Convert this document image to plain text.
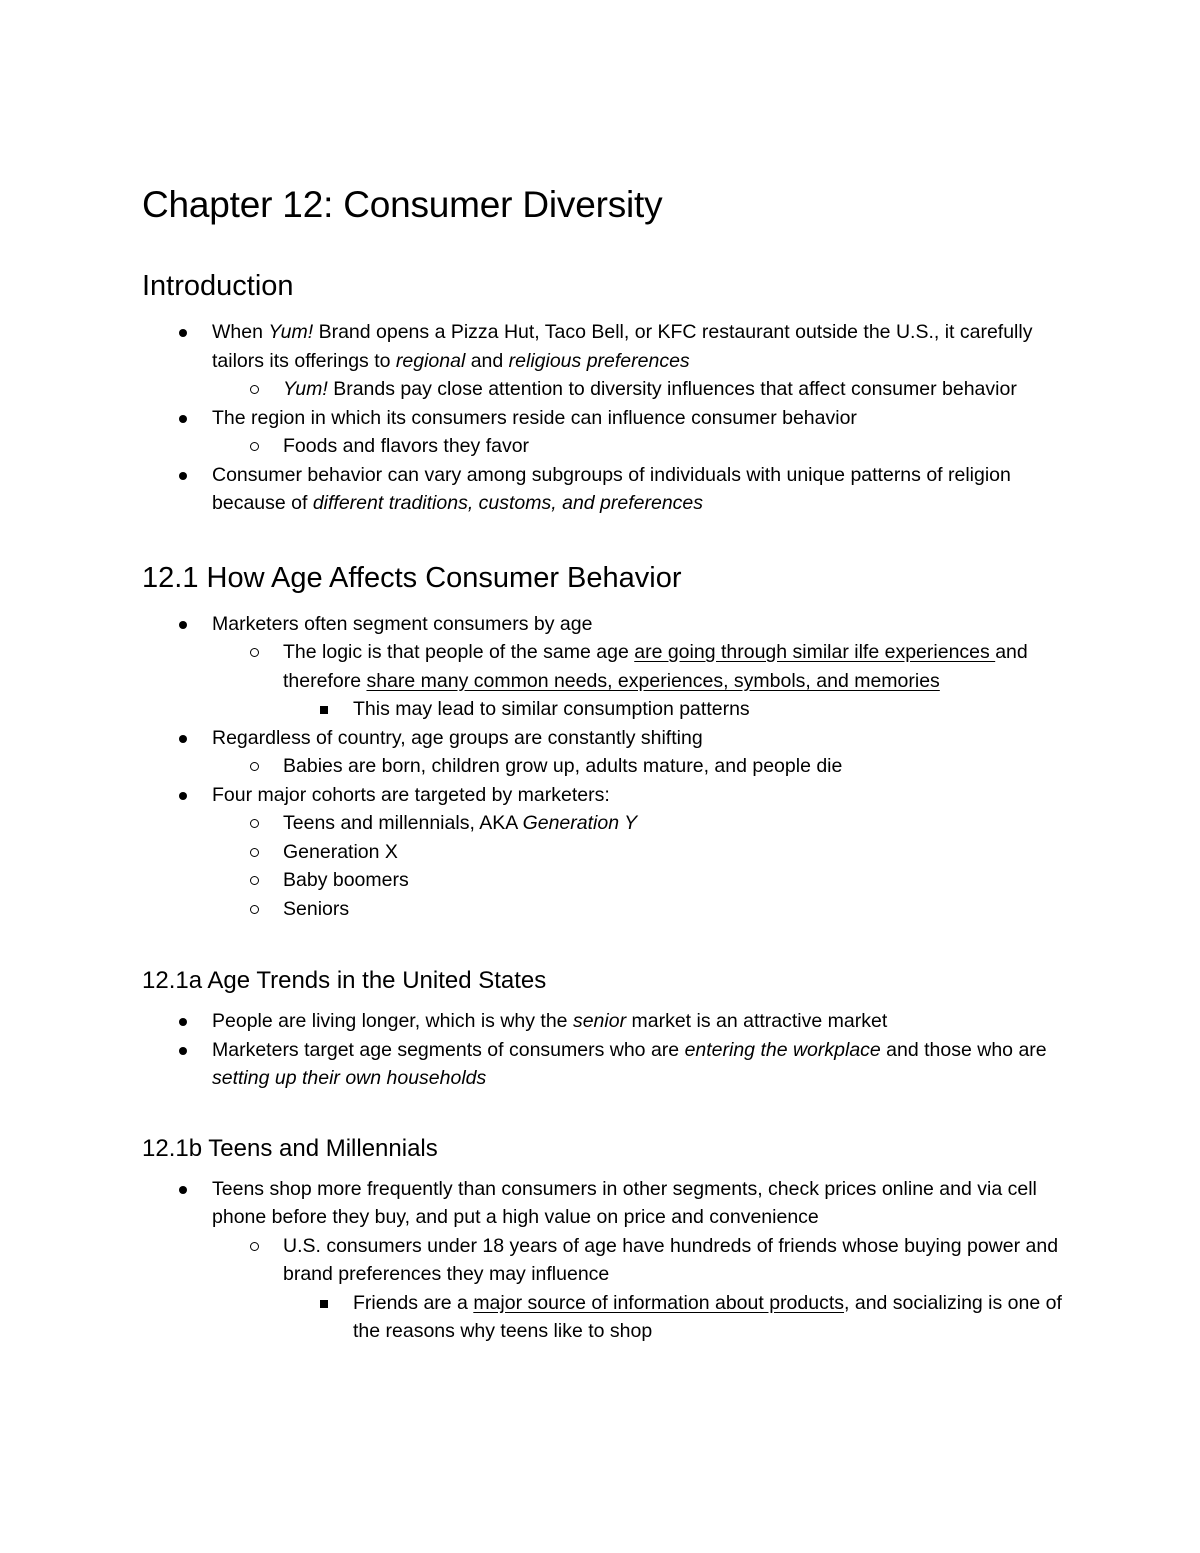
Chapter 12: Consumer Diversity
Introduction
When Yum! Brand opens a Pizza Hut, Taco Bell, or KFC restaurant outside the U.S., it carefully tailors its offerings to regional and religious preferences
Yum! Brands pay close attention to diversity influences that affect consumer behavior
The region in which its consumers reside can influence consumer behavior
Foods and flavors they favor
Consumer behavior can vary among subgroups of individuals with unique patterns of religion because of different traditions, customs, and preferences
12.1 How Age Affects Consumer Behavior
Marketers often segment consumers by age
The logic is that people of the same age are going through similar ilfe experiences and therefore share many common needs, experiences, symbols, and memories
This may lead to similar consumption patterns
Regardless of country, age groups are constantly shifting
Babies are born, children grow up, adults mature, and people die
Four major cohorts are targeted by marketers:
Teens and millennials, AKA Generation Y
Generation X
Baby boomers
Seniors
12.1a Age Trends in the United States
People are living longer, which is why the senior market is an attractive market
Marketers target age segments of consumers who are entering the workplace and those who are setting up their own households
12.1b Teens and Millennials
Teens shop more frequently than consumers in other segments, check prices online and via cell phone before they buy, and put a high value on price and convenience
U.S. consumers under 18 years of age have hundreds of friends whose buying power and brand preferences they may influence
Friends are a major source of information about products, and socializing is one of the reasons why teens like to shop
